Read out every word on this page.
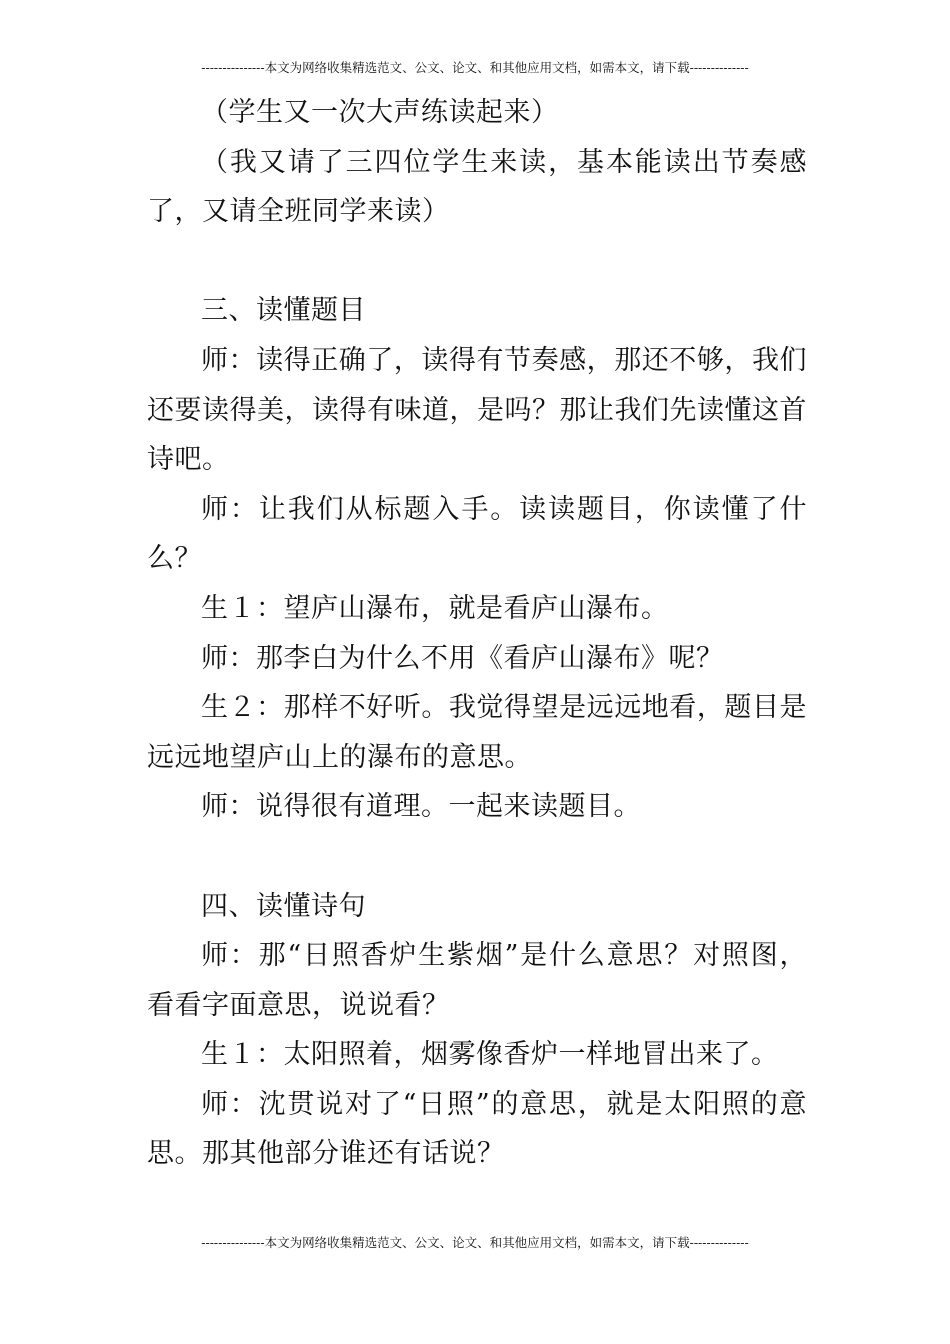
---------------本文为网络收集精选范文、公文、论文、和其他应用文档，如需本文，请下载--------------

（学生又一次大声练读起来）

（我又请了三四位学生来读，基本能读出节奏感了，又请全班同学来读）

三、读懂题目

师：读得正确了，读得有节奏感，那还不够，我们还要读得美，读得有味道，是吗？那让我们先读懂这首诗吧。

师：让我们从标题入手。读读题目，你读懂了什么？

生１：望庐山瀑布，就是看庐山瀑布。

师：那李白为什么不用《看庐山瀑布》呢？

生２：那样不好听。我觉得望是远远地看，题目是远远地望庐山上的瀑布的意思。

师：说得很有道理。一起来读题目。

四、读懂诗句

师：那“日照香炉生紫烟”是什么意思？对照图，看看字面意思，说说看？

生１：太阳照着，烟雾像香炉一样地冒出来了。

师：沈贯说对了“日照”的意思，就是太阳照的意思。那其他部分谁还有话说？

---------------本文为网络收集精选范文、公文、论文、和其他应用文档，如需本文，请下载--------------
